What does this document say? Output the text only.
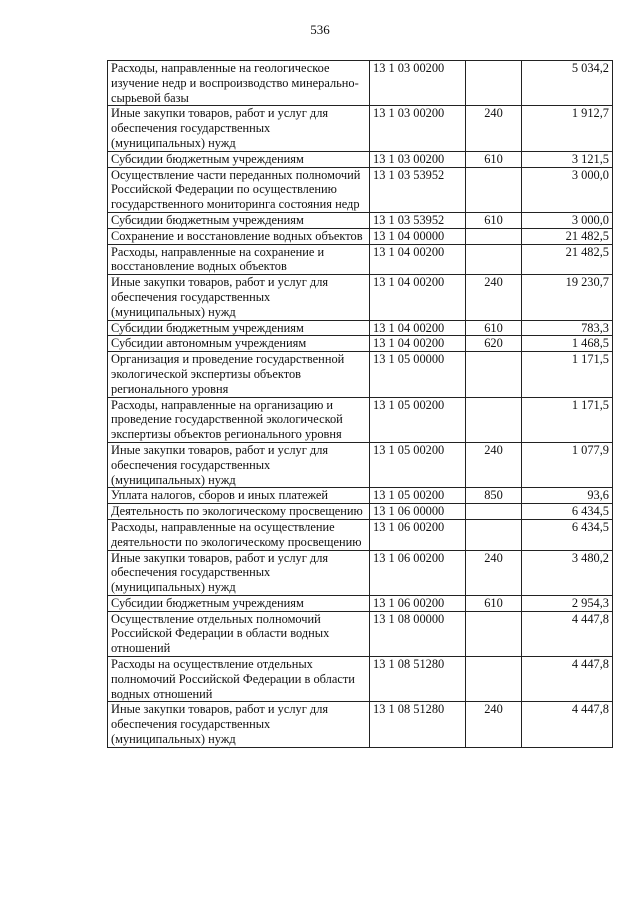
536
Расходы, направленные на геологическое изучение недр и воспроизводство минерально-сырьевой базы	13 1 03 00200		5 034,2
Иные закупки товаров, работ и услуг для обеспечения государственных (муниципальных) нужд	13 1 03 00200	240	1 912,7
Субсидии бюджетным учреждениям	13 1 03 00200	610	3 121,5
Осуществление части переданных полномочий Российской Федерации по осуществлению государственного мониторинга состояния недр	13 1 03 53952		3 000,0
Субсидии бюджетным учреждениям	13 1 03 53952	610	3 000,0
Сохранение и восстановление водных объектов	13 1 04 00000		21 482,5
Расходы, направленные на сохранение и восстановление водных объектов	13 1 04 00200		21 482,5
Иные закупки товаров, работ и услуг для обеспечения государственных (муниципальных) нужд	13 1 04 00200	240	19 230,7
Субсидии бюджетным учреждениям	13 1 04 00200	610	783,3
Субсидии автономным учреждениям	13 1 04 00200	620	1 468,5
Организация и проведение государственной экологической экспертизы объектов регионального уровня	13 1 05 00000		1 171,5
Расходы, направленные на организацию и проведение государственной экологической экспертизы объектов регионального уровня	13 1 05 00200		1 171,5
Иные закупки товаров, работ и услуг для обеспечения государственных (муниципальных) нужд	13 1 05 00200	240	1 077,9
Уплата налогов, сборов и иных платежей	13 1 05 00200	850	93,6
Деятельность по экологическому просвещению	13 1 06 00000		6 434,5
Расходы, направленные на осуществление деятельности по экологическому просвещению	13 1 06 00200		6 434,5
Иные закупки товаров, работ и услуг для обеспечения государственных (муниципальных) нужд	13 1 06 00200	240	3 480,2
Субсидии бюджетным учреждениям	13 1 06 00200	610	2 954,3
Осуществление отдельных полномочий Российской Федерации в области водных отношений	13 1 08 00000		4 447,8
Расходы на осуществление отдельных полномочий Российской Федерации в области водных отношений	13 1 08 51280		4 447,8
Иные закупки товаров, работ и услуг для обеспечения государственных (муниципальных) нужд	13 1 08 51280	240	4 447,8
